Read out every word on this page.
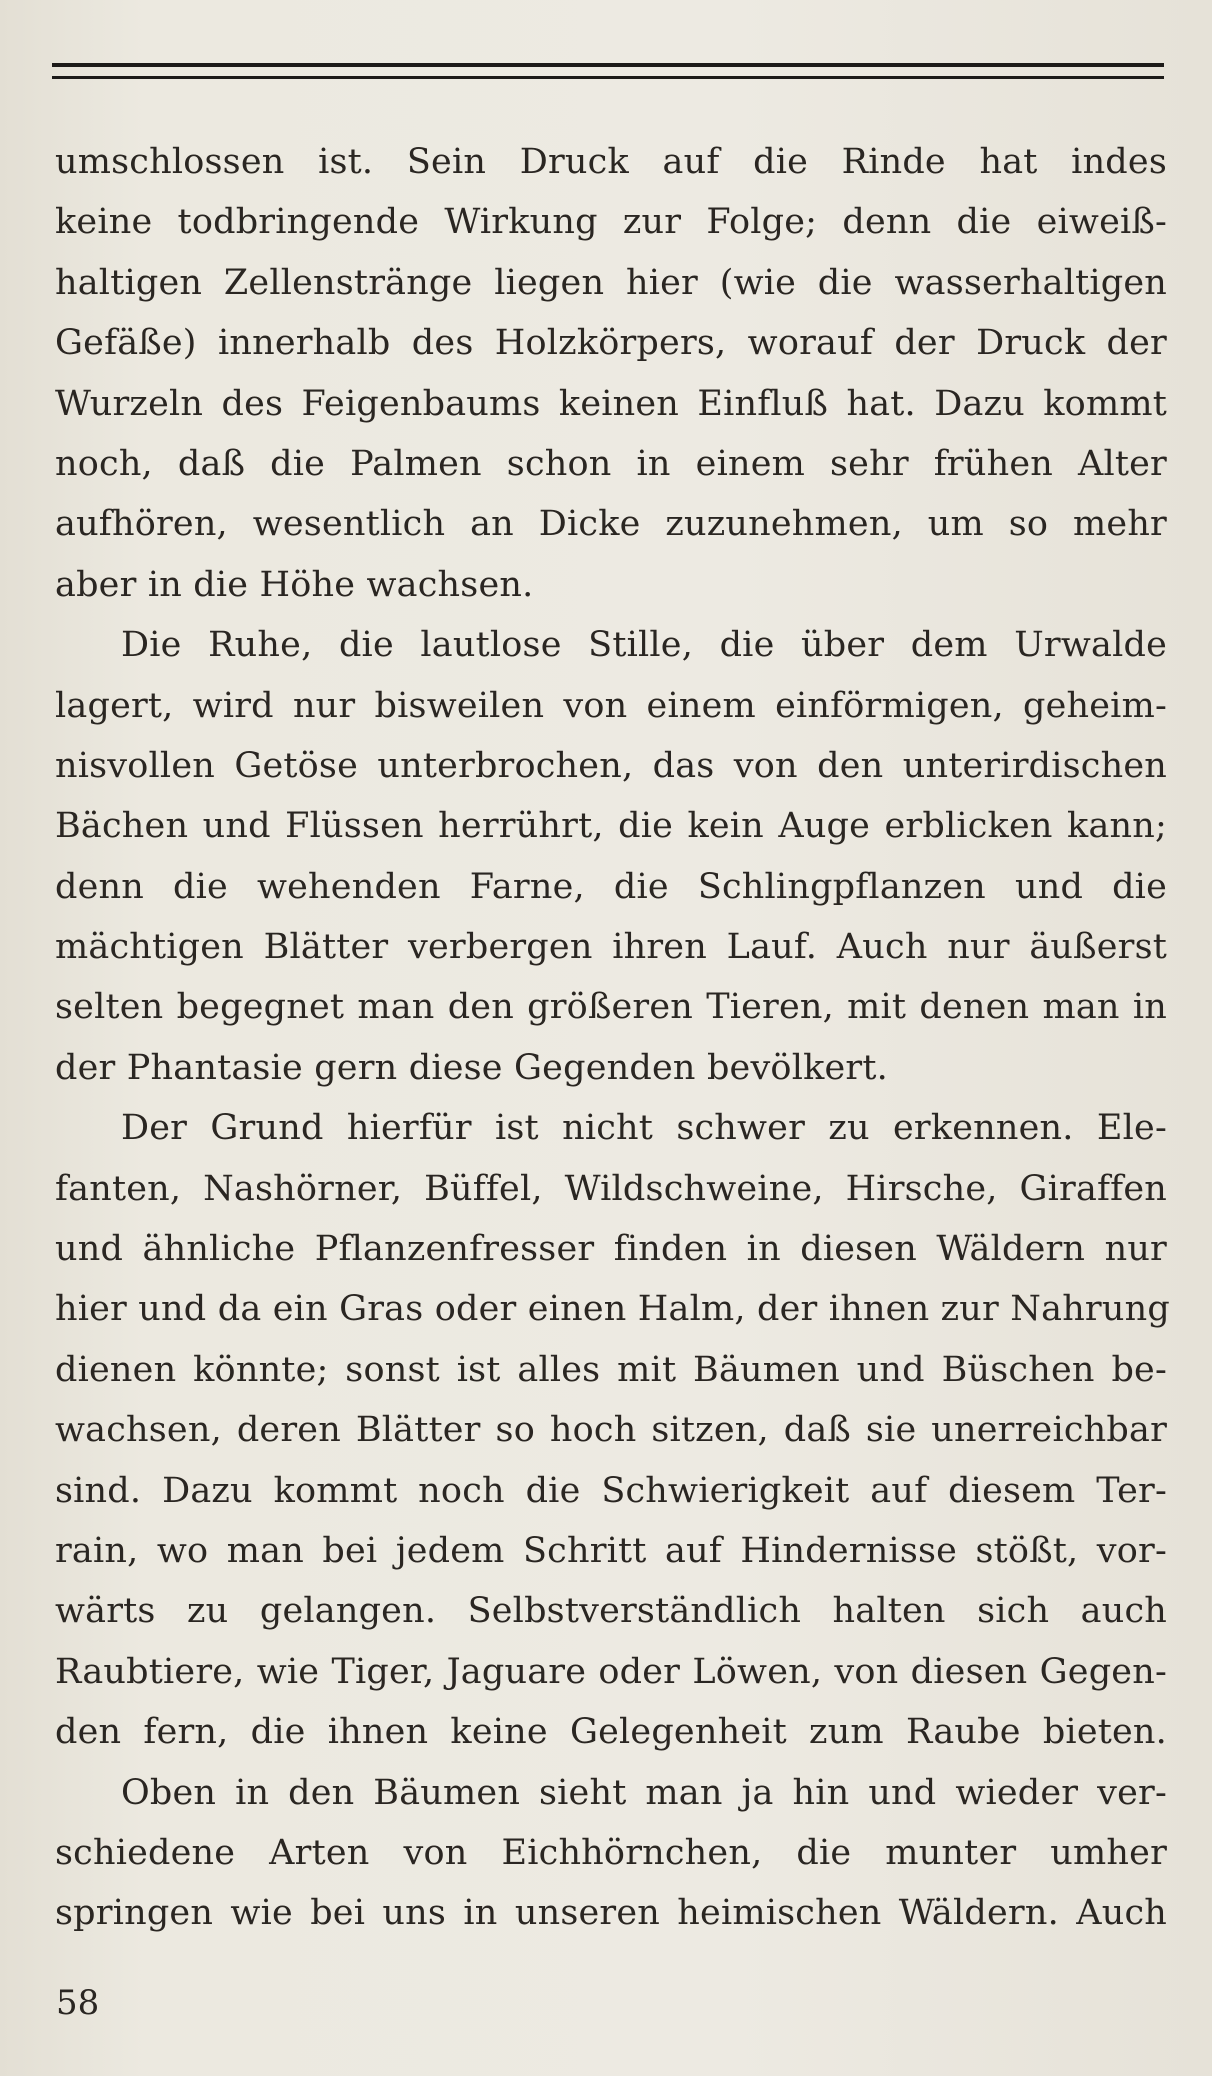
umschlossen ist. Sein Druck auf die Rinde hat indes
keine todbringende Wirkung zur Folge; denn die eiweiß-
haltigen Zellenstränge liegen hier (wie die wasserhaltigen
Gefäße) innerhalb des Holzkörpers, worauf der Druck der
Wurzeln des Feigenbaums keinen Einfluß hat. Dazu kommt
noch, daß die Palmen schon in einem sehr frühen Alter
aufhören, wesentlich an Dicke zuzunehmen, um so mehr
aber in die Höhe wachsen.
Die Ruhe, die lautlose Stille, die über dem Urwalde
lagert, wird nur bisweilen von einem einförmigen, geheim-
nisvollen Getöse unterbrochen, das von den unterirdischen
Bächen und Flüssen herrührt, die kein Auge erblicken kann;
denn die wehenden Farne, die Schlingpflanzen und die
mächtigen Blätter verbergen ihren Lauf. Auch nur äußerst
selten begegnet man den größeren Tieren, mit denen man in
der Phantasie gern diese Gegenden bevölkert.
Der Grund hierfür ist nicht schwer zu erkennen. Ele-
fanten, Nashörner, Büffel, Wildschweine, Hirsche, Giraffen
und ähnliche Pflanzenfresser finden in diesen Wäldern nur
hier und da ein Gras oder einen Halm, der ihnen zur Nahrung
dienen könnte; sonst ist alles mit Bäumen und Büschen be-
wachsen, deren Blätter so hoch sitzen, daß sie unerreichbar
sind. Dazu kommt noch die Schwierigkeit auf diesem Ter-
rain, wo man bei jedem Schritt auf Hindernisse stößt, vor-
wärts zu gelangen. Selbstverständlich halten sich auch
Raubtiere, wie Tiger, Jaguare oder Löwen, von diesen Gegen-
den fern, die ihnen keine Gelegenheit zum Raube bieten.
Oben in den Bäumen sieht man ja hin und wieder ver-
schiedene Arten von Eichhörnchen, die munter umher
springen wie bei uns in unseren heimischen Wäldern. Auch
58
